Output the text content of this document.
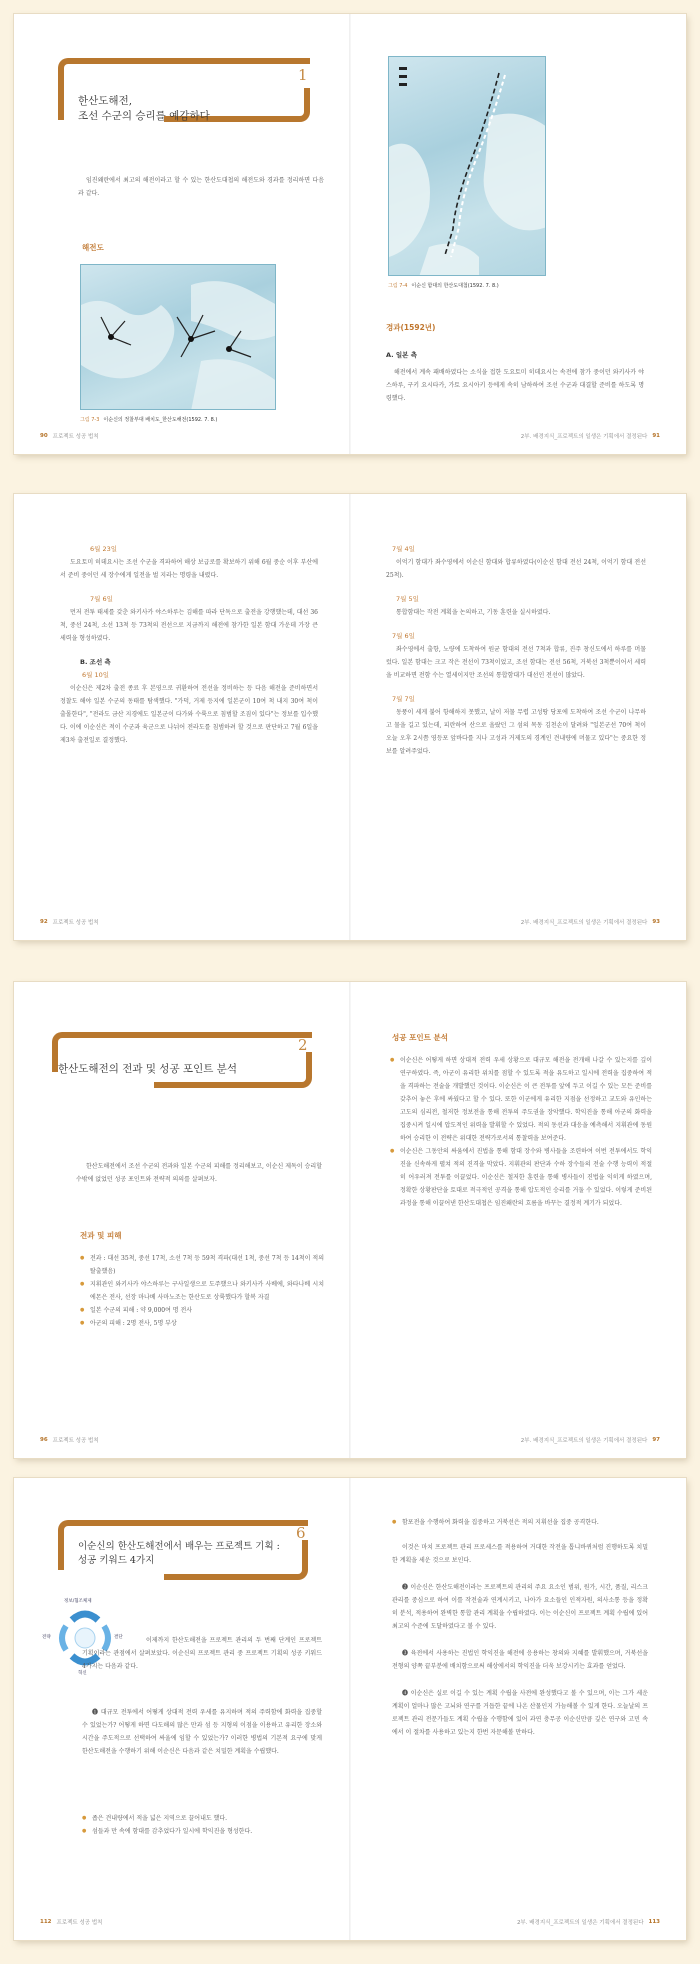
1
한산도해전,
조선 수군의 승리를 예감하다

임진왜란에서 최고의 해전이라고 할 수 있는 한산도대첩의 해전도와 경과를 정리하면 다음과 같다.

해전도
그림 7-3 이순신의 정찰부대 배치도_한산도해전(1592. 7. 8.)
90 프로젝트 성공 법칙
그림 7-4 이순신 함대의 한산도대첩(1592. 7. 8.)
경과(1592년)
A. 일본 측

해전에서 계속 패배하였다는 소식을 접한 도요토미 히데요시는 속전에 참가 중이던 와키사카 야스하루, 구키 요시타카, 가토 요시아키 등에게 속히 남하하여 조선 수군과 대결할 준비를 하도록 명령했다.

2부. 배경지식_프로젝트의 일생은 기획에서 결정된다 91
6월 23일

도요토미 히데요시는 조선 수군을 격파하여 해상 보급로를 확보하기 위해 6월 중순 이후 부산에서 준비 중이던 세 장수에게 일전을 벌 지라는 명령을 내렸다.

7월 6일

먼저 전투 태세를 갖춘 와키사카 야스하루는 김해를 따라 단독으로 출전을 강행했는데, 대선 36척, 중선 24척, 소선 13척 등 73척의 전선으로 지금까지 해전에 참가한 일본 함대 가운데 가장 큰 세력을 형성하였다.

B. 조선 측
6월 10일

이순신은 제2차 출전 종료 후 본영으로 귀환하여 전선을 정비하는 등 다음 해전을 준비하면서 정찰도 해야 일본 수군의 동태를 탐색했다. "가덕, 거제 등지에 일본군이 10여 척 내지 30여 척이 출몰한다", "전라도 금산 지경에도 일본군이 다가와 수륙으로 침범할 조짐이 있다"는 정보를 입수했다. 이에 이순신은 적이 수군과 육군으로 나뉘어 전라도를 침범하려 할 것으로 판단하고 7월 6일을 제3차 출전일로 결정했다.

92 프로젝트 성공 법칙
7월 4일

이억기 함대가 좌수영에서 이순신 함대와 합류하였다(이순신 함대 전선 24척, 이억기 함대 전선 25척).

7월 5일

통합함대는 작전 계획을 논의하고, 기동 훈련을 실시하였다.

7월 6일

좌수영에서 출항, 노량에 도착하여 원균 함대의 전선 7척과 합류, 진주 창신도에서 하루를 머물렀다. 일본 함대는 크고 작은 전선이 73척이었고, 조선 함대는 전선 56척, 거북선 3척뿐이어서 세력을 비교하면 전함 수는 열세이지만 조선의 통합함대가 대선인 전선이 많았다.

7월 7일

동풍이 세게 불어 항해하지 못했고, 날이 저물 무렵 고성땅 당포에 도착하여 조선 수군이 나무하고 물을 길고 있는데, 피란하여 산으로 올랐던 그 섬의 목동 김천손이 달려와 "일본군선 70여 척이 오늘 오후 2시쯤 영등포 앞바다를 지나 고성과 거제도의 경계인 견내량에 머물고 있다"는 중요한 정보를 알려주었다.

2부. 배경지식_프로젝트의 일생은 기획에서 결정된다 93
2
한산도해전의 전과 및 성공 포인트 분석

한산도해전에서 조선 수군의 전과와 일본 수군의 피해를 정리해보고, 이순신 제독이 승리할 수밖에 없었던 성공 포인트와 전략적 의의를 살펴보자.

전과 및 피해
● 전과 : 대선 35척, 중선 17척, 소선 7척 등 59척 격파(대선 1척, 중선 7척 등 14척이 적의 탈출했음)
● 지휘관인 와키사카 야스하루는 구사일생으로 도주했으나 와키사카 사베에, 와타나베 시치에몬은 전사, 선장 마나베 사마노조는 한산도로 상륙했다가 할복 자결
● 일본 수군의 피해 : 약 9,000여 명 전사
● 아군의 피해 : 2명 전사, 5명 부상
96 프로젝트 성공 법칙
성공 포인트 분석
● 이순신은 어떻게 하면 상대적 전력 우세 상황으로 대규모 해전을 전개해 나갈 수 있는지를 깊이 연구하였다. 즉, 아군이 유리한 위치를 점할 수 있도록 적을 유도하고 일시에 전력을 집중하여 적을 격파하는 전술을 개발했던 것이다. 이순신은 이 큰 전투를 앞에 두고 이길 수 있는 모든 준비를 갖추어 놓은 후에 싸웠다고 할 수 있다. 또한 이군에게 유리한 지점을 선정하고 교도와 유인하는 고도의 심리전, 철저한 정보전을 통해 전투의 주도권을 장악했다. 학익진을 통해 아군의 화력을 집중시켜 일시에 압도적인 위력을 발휘할 수 있었다. 적의 동선과 대응을 예측해서 지휘관에 동원하여 승리한 이 전략은 위대한 전략가로서의 통찰력을 보여준다.
● 이순신은 그동안의 싸움에서 진법을 통해 함대 장수와 병사들을 조련하여 이번 전투에서도 학익진을 신속하게 펼쳐 적의 진격을 막았다. 지휘관의 판단과 수하 장수들의 전술 수행 능력이 적절히 어우러져 전투를 이끌었다. 이순신은 철저한 훈련을 통해 병사들이 진법을 익히게 하였으며, 정확한 상황판단을 토대로 적극적인 공격을 통해 압도적인 승리를 거둘 수 있었다. 이렇게 준비된 과정을 통해 이끌어낸 한산도대첩은 임진왜란의 흐름을 바꾸는 결정적 계기가 되었다.
2부. 배경지식_프로젝트의 일생은 기획에서 결정된다 97
6
이순신의 한산도해전에서 배우는 프로젝트 기획 :
성공 키워드 4가지
정보/협조체제
전략	결단
혁신

이제까지 한산도해전을 프로젝트 관리의 두 번째 단계인 프로젝트 기획이라는 관점에서 살펴보았다. 이순신의 프로젝트 관리 중 프로젝트 기획의 성공 키워드 4가지는 다음과 같다.

❶ 대규모 전투에서 어떻게 상대적 전력 우세를 유지하며 적의 주력함에 화력을 집중할 수 있었는가? 어떻게 하면 다도해의 많은 만과 섬 등 지형의 이점을 이용하고 유리한 장소와 시간을 주도적으로 선택하여 싸울에 임할 수 있었는가? 이러한 병법의 기본적 요구에 맞게 한산도해전을 수행하기 위해 이순신은 다음과 같은 치밀한 계획을 수립했다.

● 좁은 견내량에서 적을 넓은 지역으로 끌어내도 했다.
● 섬들과 만 속에 함대를 감추었다가 일시에 학익진을 형성한다.
112 프로젝트 성공 법칙
● 함포전을 수행하여 화력을 집중하고 거북선은 적의 지휘선을 집중 공격한다.

이것은 마치 프로젝트 관리 프로세스를 적용하여 거대한 작전을 톱니바퀴처럼 진행하도록 치밀한 계획을 세운 것으로 보인다.

❷ 이순신은 한산도해전이라는 프로젝트의 관리의 주요 요소인 범위, 원가, 시간, 품질, 리스크 관리를 중심으로 하여 이를 작전술과 연계시키고, 나아가 요소들인 인적자원, 의사소통 등을 정확히 분석, 적용하여 완벽한 통합 관리 계획을 수립하였다. 이는 이순신이 프로젝트 계획 수립에 있어 최고의 수준에 도달하였다고 볼 수 있다.

❸ 육전에서 사용하는 진법인 학익진을 해전에 응용하는 창의와 지혜를 발휘했으며, 거북선을 전형의 양쪽 끝부분에 배치함으로써 해상에서의 학익진을 더욱 보강시키는 효과를 얻었다.

❹ 이순신은 실로 이길 수 있는 계획 수립을 사전에 완성했다고 볼 수 있으며, 이는 그가 세운 계획이 얼마나 많은 고뇌와 연구를 거듭한 끝에 나온 산물인지 가늠해볼 수 있게 한다. 오늘날의 프로젝트 관리 전문가들도 계획 수립을 수행함에 있어 과연 충무공 이순신만큼 깊은 연구와 고민 속에서 이 절차를 사용하고 있는지 한번 자문해볼 만하다.

2부. 배경지식_프로젝트의 일생은 기획에서 결정된다 113
